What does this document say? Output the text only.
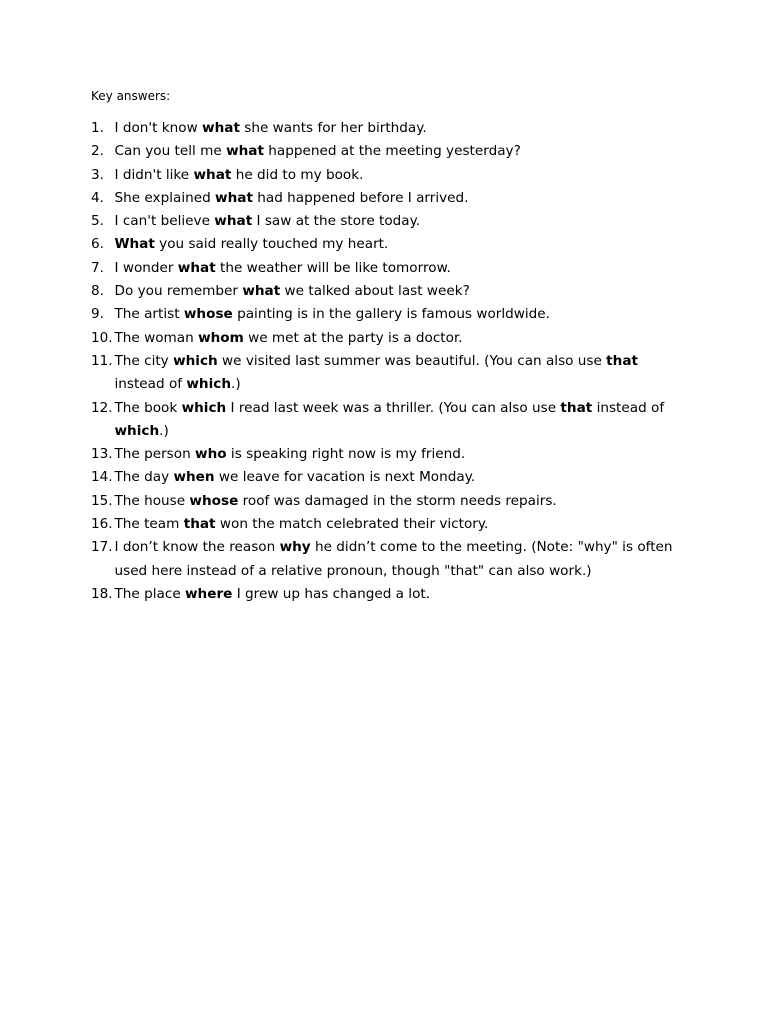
Key answers:

1. I don't know what she wants for her birthday.
2. Can you tell me what happened at the meeting yesterday?
3. I didn't like what he did to my book.
4. She explained what had happened before I arrived.
5. I can't believe what I saw at the store today.
6. What you said really touched my heart.
7. I wonder what the weather will be like tomorrow.
8. Do you remember what we talked about last week?
9. The artist whose painting is in the gallery is famous worldwide.
10. The woman whom we met at the party is a doctor.
11. The city which we visited last summer was beautiful. (You can also use that instead of which.)
12. The book which I read last week was a thriller. (You can also use that instead of which.)
13. The person who is speaking right now is my friend.
14. The day when we leave for vacation is next Monday.
15. The house whose roof was damaged in the storm needs repairs.
16. The team that won the match celebrated their victory.
17. I don’t know the reason why he didn’t come to the meeting. (Note: "why" is often used here instead of a relative pronoun, though "that" can also work.)
18. The place where I grew up has changed a lot.
